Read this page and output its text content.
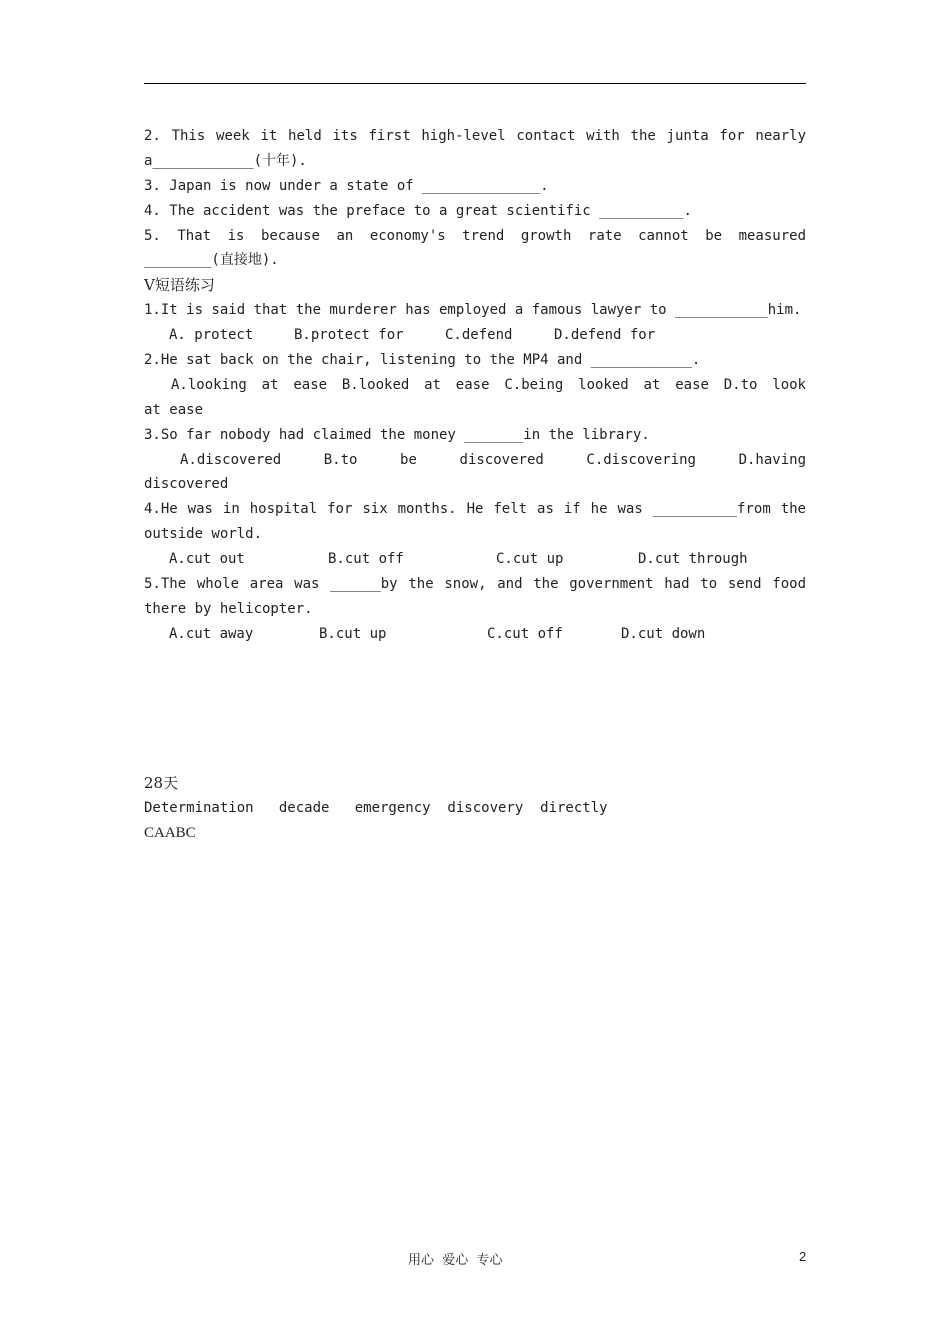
2. This week it held its first high-level contact with the junta for nearly
a____________(十年).
3. Japan is now under a state of ______________.
4. The accident was the preface to a great scientific __________.
5. That is because an economy's trend growth rate cannot be measured
________(直接地).
V短语练习
1.It is said that the murderer has employed a famous lawyer to ___________him.
A. protect	B.protect for	C.defend	D.defend for
2.He sat back on the chair, listening to the MP4 and ____________.
A.looking at ease B.looked at ease C.being looked at ease D.to look
at ease
3.So far nobody had claimed the money _______in the library.
A.discovered B.to be discovered C.discovering D.having
discovered
4.He was in hospital for six months. He felt as if he was __________from the
outside world.
A.cut out	B.cut off	C.cut up	D.cut through
5.The whole area was ______by the snow, and the government had to send food
there by helicopter.
A.cut away	B.cut up	C.cut off	D.cut down
28天
Determination   decade   emergency  discovery  directly
CAABC
用心  爱心  专心	2
